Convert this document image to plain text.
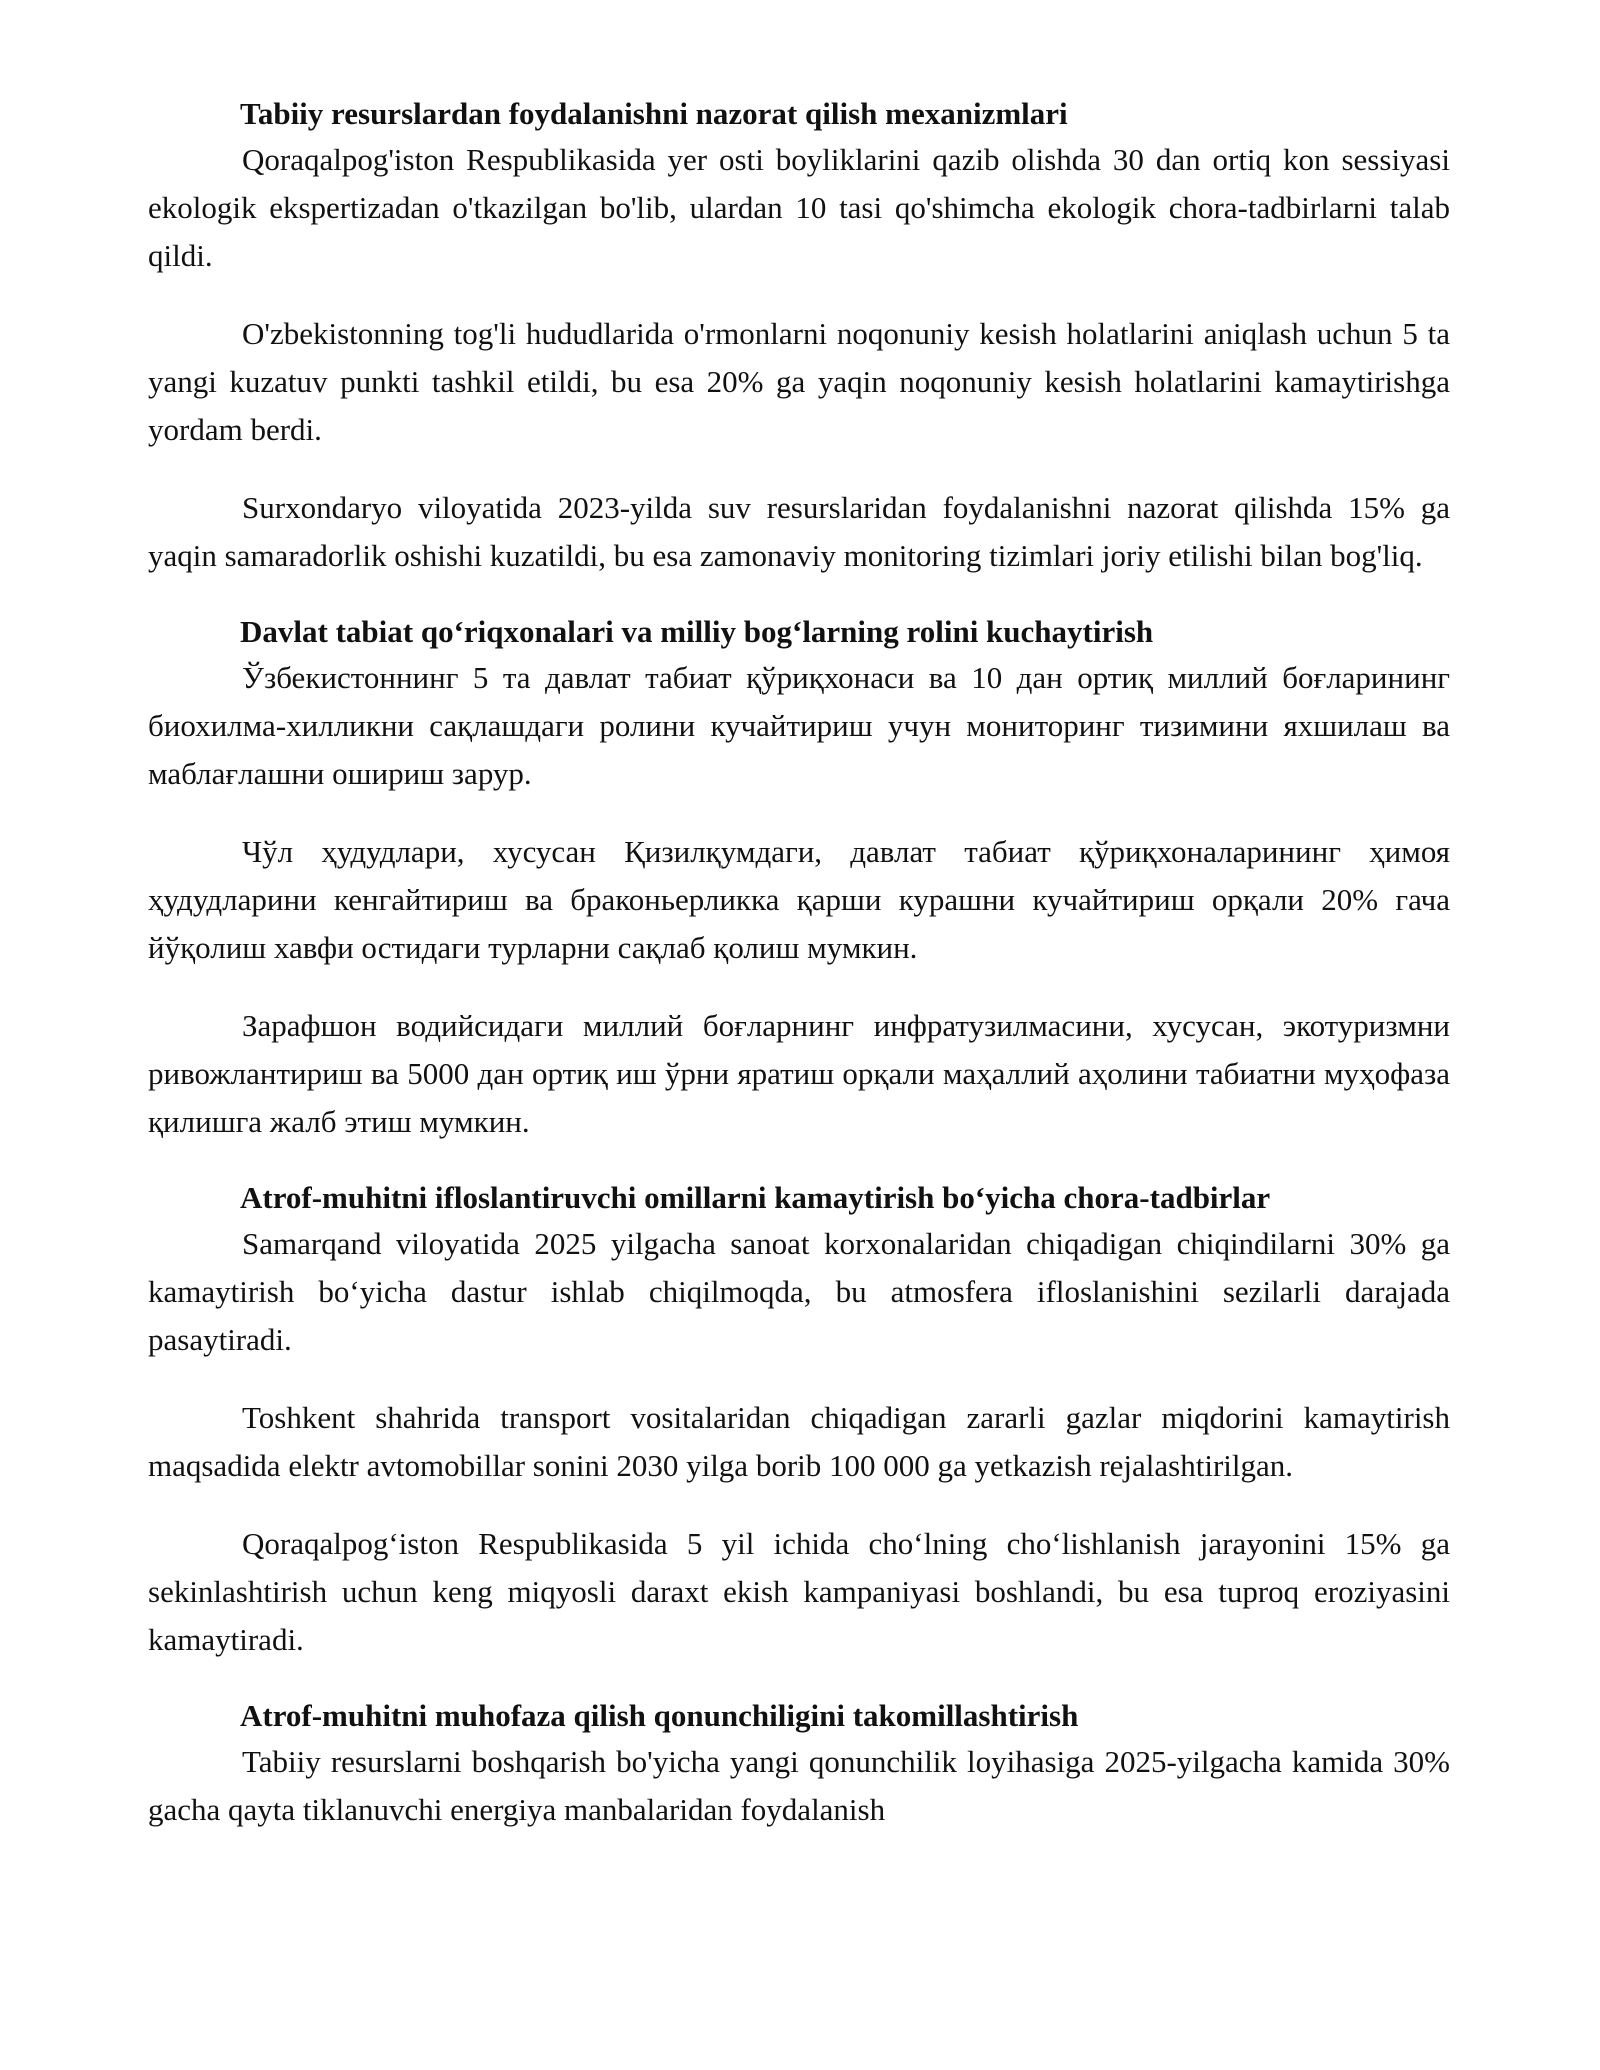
Tabiiy resurslardan foydalanishni nazorat qilish mexanizmlari

Qoraqalpog'iston Respublikasida yer osti boyliklarini qazib olishda 30 dan ortiq kon sessiyasi ekologik ekspertizadan o'tkazilgan bo'lib, ulardan 10 tasi qo'shimcha ekologik chora-tadbirlarni talab qildi.

O'zbekistonning tog'li hududlarida o'rmonlarni noqonuniy kesish holatlarini aniqlash uchun 5 ta yangi kuzatuv punkti tashkil etildi, bu esa 20% ga yaqin noqonuniy kesish holatlarini kamaytirishga yordam berdi.

Surxondaryo viloyatida 2023-yilda suv resurslaridan foydalanishni nazorat qilishda 15% ga yaqin samaradorlik oshishi kuzatildi, bu esa zamonaviy monitoring tizimlari joriy etilishi bilan bog'liq.

Davlat tabiat qo‘riqxonalari va milliy bog‘larning rolini kuchaytirish

Ўзбекистоннинг 5 та давлат табиат қўриқхонаси ва 10 дан ортиқ миллий боғларининг биохилма-хилликни сақлашдаги ролини кучайтириш учун мониторинг тизимини яхшилаш ва маблағлашни ошириш зарур.

Чўл ҳудудлари, хусусан Қизилқумдаги, давлат табиат қўриқхоналарининг ҳимоя ҳудудларини кенгайтириш ва браконьерликка қарши курашни кучайтириш орқали 20% гача йўқолиш хавфи остидаги турларни сақлаб қолиш мумкин.

Зарафшон водийсидаги миллий боғларнинг инфратузилмасини, хусусан, экотуризмни ривожлантириш ва 5000 дан ортиқ иш ўрни яратиш орқали маҳаллий аҳолини табиатни муҳофаза қилишга жалб этиш мумкин.

Atrof-muhitni ifloslantiruvchi omillarni kamaytirish bo‘yicha chora-tadbirlar

Samarqand viloyatida 2025 yilgacha sanoat korxonalaridan chiqadigan chiqindilarni 30% ga kamaytirish bo‘yicha dastur ishlab chiqilmoqda, bu atmosfera ifloslanishini sezilarli darajada pasaytiradi.

Toshkent shahrida transport vositalaridan chiqadigan zararli gazlar miqdorini kamaytirish maqsadida elektr avtomobillar sonini 2030 yilga borib 100 000 ga yetkazish rejalashtirilgan.

Qoraqalpog‘iston Respublikasida 5 yil ichida cho‘lning cho‘lishlanish jarayonini 15% ga sekinlashtirish uchun keng miqyosli daraxt ekish kampaniyasi boshlandi, bu esa tuproq eroziyasini kamaytiradi.

Atrof-muhitni muhofaza qilish qonunchiligini takomillashtirish

Tabiiy resurslarni boshqarish bo'yicha yangi qonunchilik loyihasiga 2025-yilgacha kamida 30% gacha qayta tiklanuvchi energiya manbalaridan foydalanish
